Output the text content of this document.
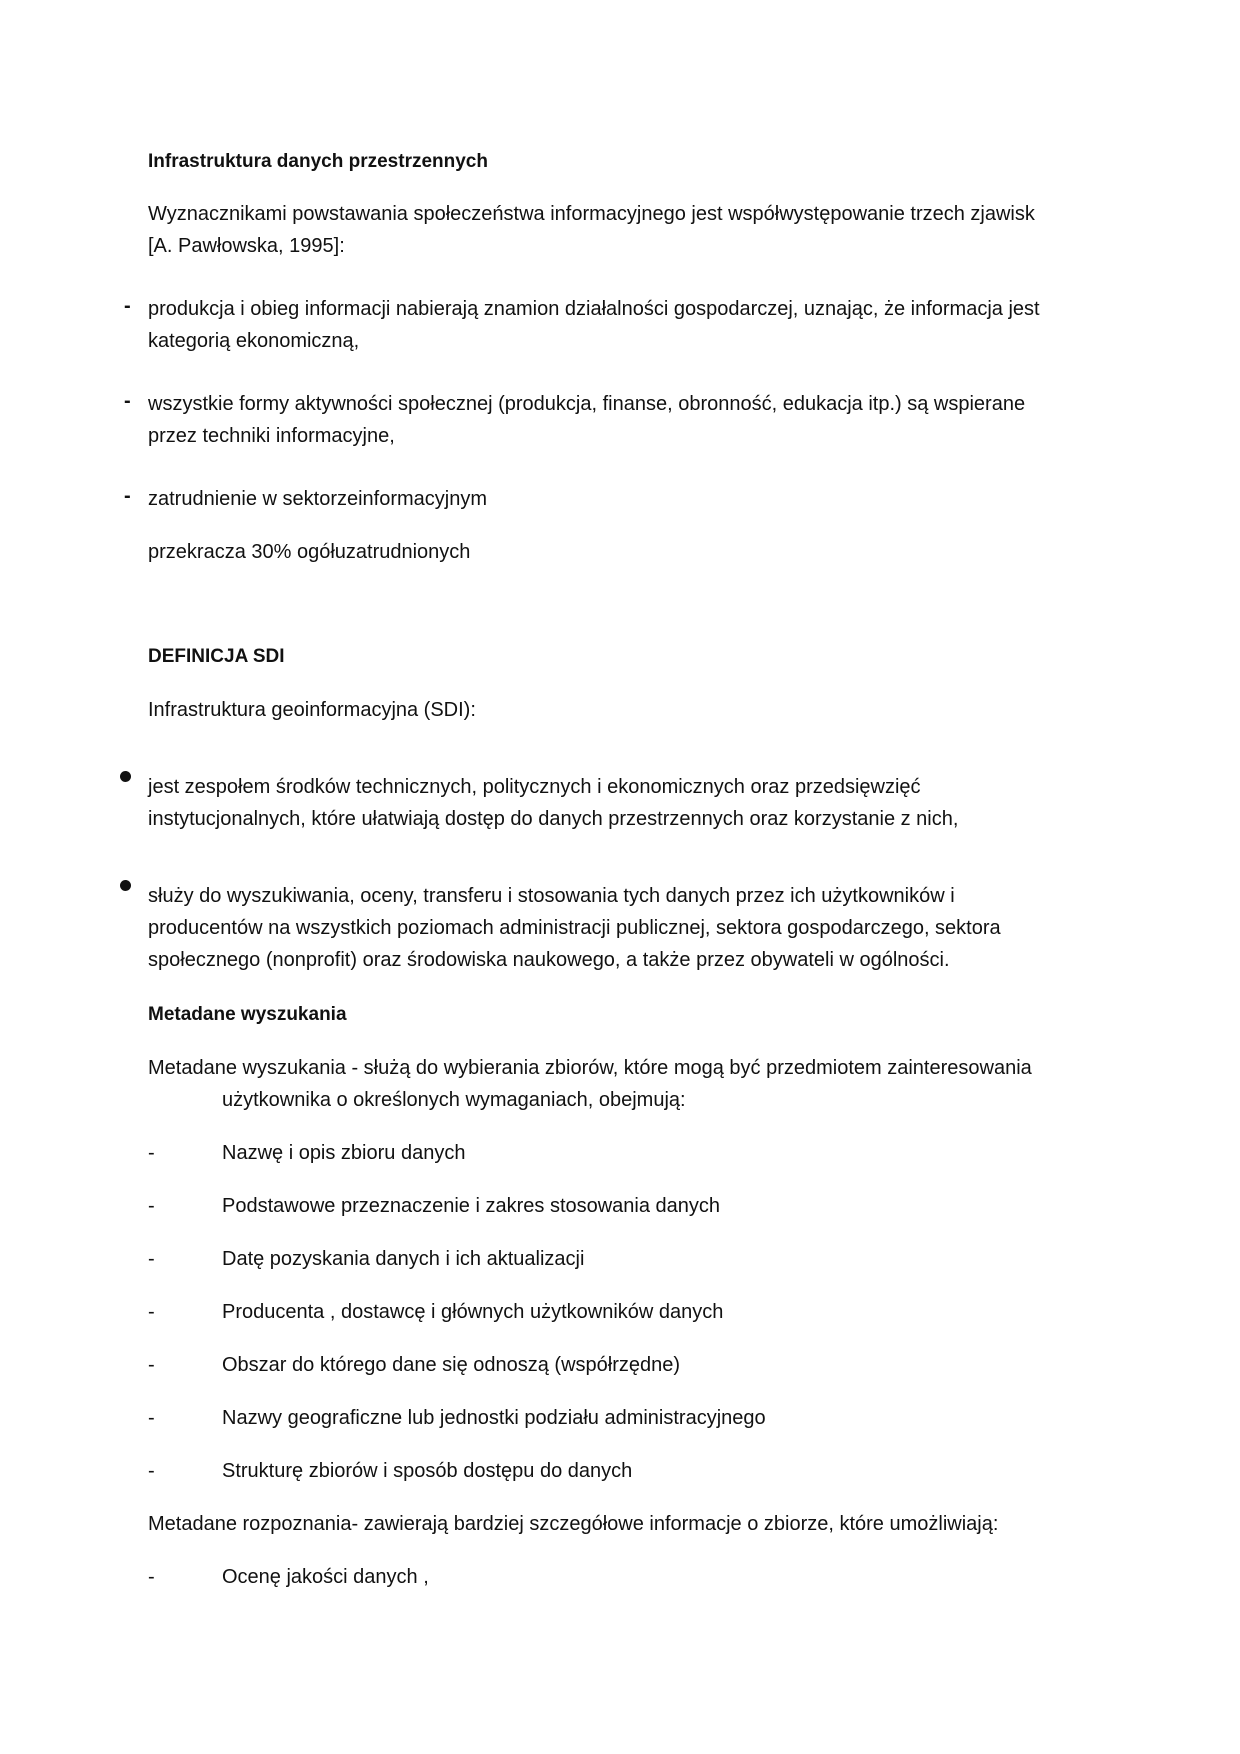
Infrastruktura danych przestrzennych
Wyznacznikami powstawania społeczeństwa informacyjnego jest współwystępowanie trzech zjawisk
[A. Pawłowska, 1995]:
- produkcja i obieg informacji nabierają znamion działalności gospodarczej, uznając, że informacja jest
kategorią ekonomiczną,
- wszystkie formy aktywności społecznej (produkcja, finanse, obronność, edukacja itp.) są wspierane
przez techniki informacyjne,
- zatrudnienie w sektorzeinformacyjnym
przekracza 30% ogółuzatrudnionych
DEFINICJA SDI
Infrastruktura geoinformacyjna (SDI):
jest zespołem środków technicznych, politycznych i ekonomicznych oraz przedsięwzięć
instytucjonalnych, które ułatwiają dostęp do danych przestrzennych oraz korzystanie z nich,
służy do wyszukiwania, oceny, transferu i stosowania tych danych przez ich użytkowników i
producentów na wszystkich poziomach administracji publicznej, sektora gospodarczego, sektora
społecznego (nonprofit) oraz środowiska naukowego, a także przez obywateli w ogólności.
Metadane wyszukania
Metadane wyszukania - służą do wybierania zbiorów, które mogą być przedmiotem zainteresowania
użytkownika o określonych wymaganiach, obejmują:
-	Nazwę i opis zbioru danych
-	Podstawowe przeznaczenie i zakres stosowania danych
-	Datę pozyskania danych i ich aktualizacji
-	Producenta , dostawcę i głównych użytkowników danych
-	Obszar do którego dane się odnoszą (współrzędne)
-	Nazwy geograficzne lub jednostki podziału administracyjnego
-	Strukturę zbiorów i sposób dostępu do danych
Metadane rozpoznania- zawierają bardziej szczegółowe informacje o zbiorze, które umożliwiają:
-	Ocenę jakości danych ,
